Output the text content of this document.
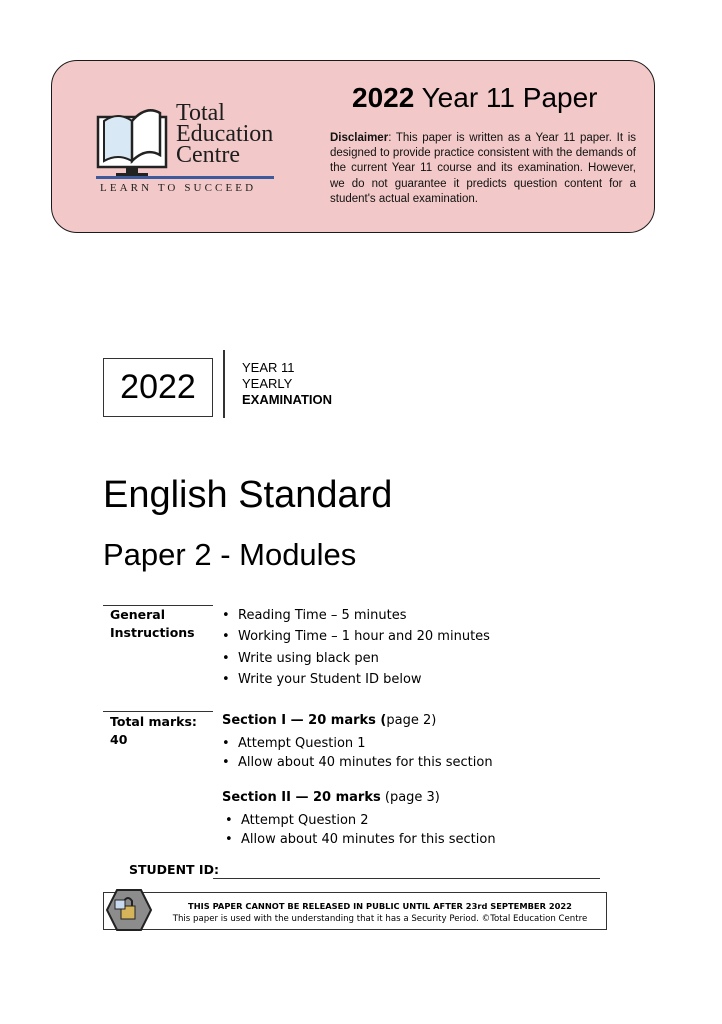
Total
Education
Centre
LEARN TO SUCCEED
2022 Year 11 Paper
Disclaimer: This paper is written as a Year 11 paper. It is designed to provide practice consistent with the demands of the current Year 11 course and its examination. However, we do not guarantee it predicts question content for a student's actual examination.
2022
YEAR 11
YEARLY
EXAMINATION
English Standard
Paper 2 - Modules
General
Instructions
• Reading Time – 5 minutes
• Working Time – 1 hour and 20 minutes
• Write using black pen
• Write your Student ID below
Total marks:
40
Section I — 20 marks (page 2)
• Attempt Question 1
• Allow about 40 minutes for this section
Section II — 20 marks (page 3)
• Attempt Question 2
• Allow about 40 minutes for this section
STUDENT ID:
THIS PAPER CANNOT BE RELEASED IN PUBLIC UNTIL AFTER 23rd SEPTEMBER 2022
This paper is used with the understanding that it has a Security Period. ©Total Education Centre
